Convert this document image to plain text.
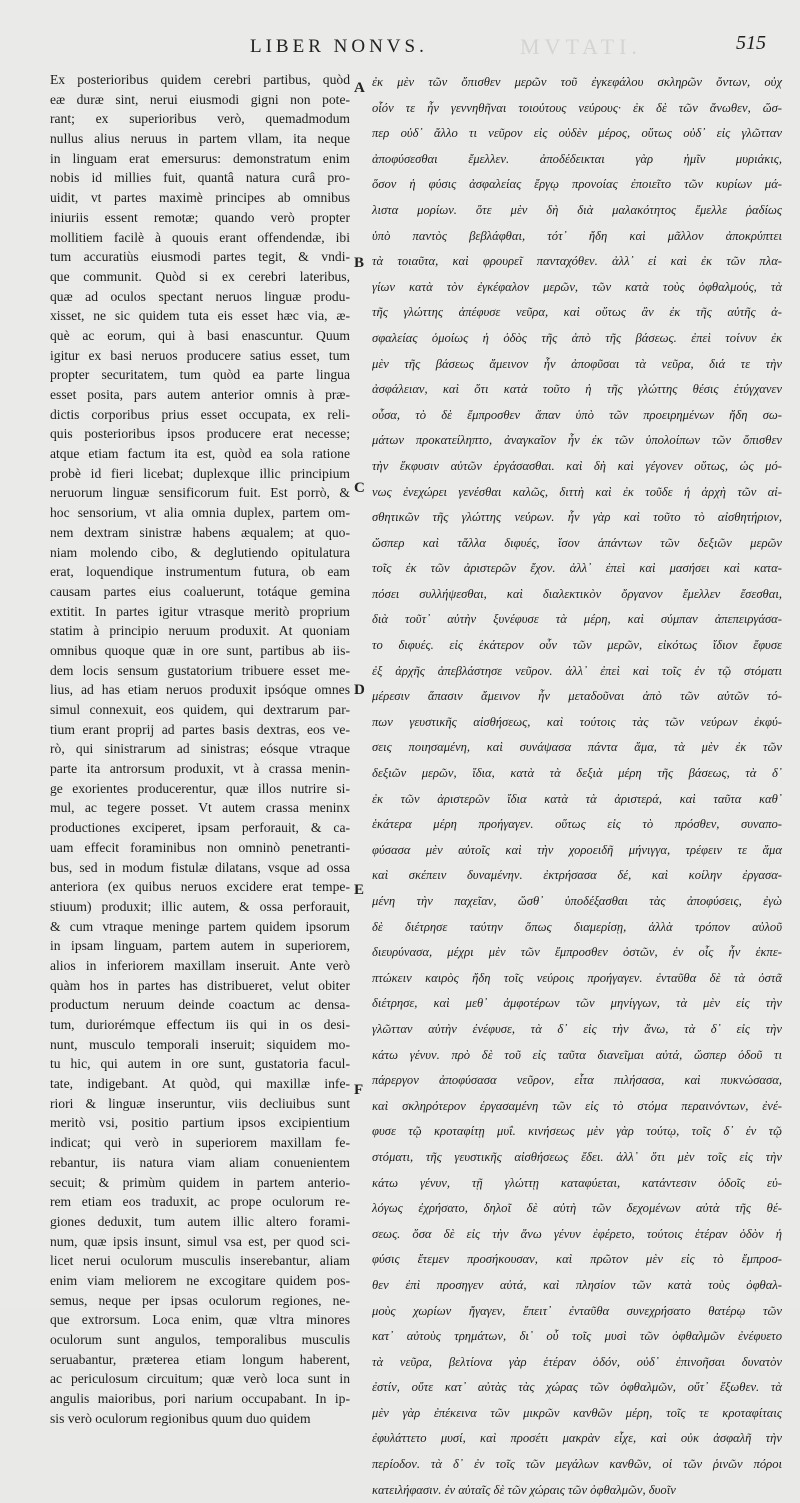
MVTATI.
LIBER NONVS.	515
Ex posterioribus quidem cerebri partibus, quòd
eæ duræ sint, nerui eiusmodi gigni non pote-
rant; ex superioribus verò, quemadmodum
nullus alius neruus in partem vllam, ita neque
in linguam erat emersurus: demonstratum enim
nobis id millies fuit, quantâ natura curâ pro-
uidit, vt partes maximè principes ab omnibus
iniuriis essent remotæ; quando verò propter
mollitiem facilè à quouis erant offendendæ, ibi
tum accuratiùs eiusmodi partes tegit, & vndi-
que communit. Quòd si ex cerebri lateribus,
quæ ad oculos spectant neruos linguæ produ-
xisset, ne sic quidem tuta eis esset hæc via, æ-
què ac eorum, qui à basi enascuntur. Quum
igitur ex basi neruos producere satius esset, tum
propter securitatem, tum quòd ea parte lingua
esset posita, pars autem anterior omnis à præ-
dictis corporibus prius esset occupata, ex reli-
quis posterioribus ipsos producere erat necesse;
atque etiam factum ita est, quòd ea sola ratione
probè id fieri licebat; duplexque illic principium
neruorum linguæ sensificorum fuit. Est porrò, &
hoc sensorium, vt alia omnia duplex, partem om-
nem dextram sinistræ habens æqualem; at quo-
niam molendo cibo, & deglutiendo opitulatura
erat, loquendique instrumentum futura, ob eam
causam partes eius coaluerunt, totáque gemina
extitit. In partes igitur vtrasque meritò proprium
statim à principio neruum produxit. At quoniam
omnibus quoque quæ in ore sunt, partibus ab iis-
dem locis sensum gustatorium tribuere esset me-
lius, ad has etiam neruos produxit ipsóque omnes
simul connexuit, eos quidem, qui dextrarum par-
tium erant proprij ad partes basis dextras, eos ve-
rò, qui sinistrarum ad sinistras; eósque vtraque
parte ita antrorsum produxit, vt à crassa menin-
ge exorientes producerentur, quæ illos nutrire si-
mul, ac tegere posset. Vt autem crassa meninx
productiones exciperet, ipsam perforauit, & ca-
uam effecit foraminibus non omninò penetranti-
bus, sed in modum fistulæ dilatans, vsque ad ossa
anteriora (ex quibus neruos excidere erat tempe-
stiuum) produxit; illic autem, & ossa perforauit,
& cum vtraque meninge partem quidem ipsorum
in ipsam linguam, partem autem in superiorem,
alios in inferiorem maxillam inseruit. Ante verò
quàm hos in partes has distribueret, velut obiter
productum neruum deinde coactum ac densa-
tum, duriorémque effectum iis qui in os desi-
nunt, musculo temporali inseruit; siquidem mo-
tu hic, qui autem in ore sunt, gustatoria facul-
tate, indigebant. At quòd, qui maxillæ infe-
riori & linguæ inseruntur, viis decliuibus sunt
meritò vsi, positio partium ipsos excipientium
indicat; qui verò in superiorem maxillam fe-
rebantur, iis natura viam aliam conuenientem
secuit; & primùm quidem in partem anterio-
rem etiam eos traduxit, ac prope oculorum re-
giones deduxit, tum autem illic altero forami-
num, quæ ipsis insunt, simul vsa est, per quod sci-
licet nerui oculorum musculis inserebantur, aliam
enim viam meliorem ne excogitare quidem pos-
semus, neque per ipsas oculorum regiones, ne-
que extrorsum. Loca enim, quæ vltra minores
oculorum sunt angulos, temporalibus musculis
seruabantur, præterea etiam longum haberent,
ac periculosum circuitum; quæ verò loca sunt in
angulis maioribus, pori narium occupabant. In ip-
sis verò oculorum regionibus quum duo quidem
A
B
C
D
E
F
ἐκ μὲν τῶν ὄπισθεν μερῶν τοῦ ἐγκεφάλου σκληρῶν ὄντων, οὐχ
οἷόν τε ἦν γεννηθῆναι τοιούτους νεύρους· ἐκ δὲ τῶν ἄνωθεν, ὥσ-
περ οὐδ᾽ ἄλλο τι νεῦρον εἰς οὐδὲν μέρος, οὕτως οὐδ᾽ εἰς γλῶτταν
ἀποφύσεσθαι ἔμελλεν. ἀποδέδεικται γὰρ ἡμῖν μυριάκις,
ὅσον ἡ φύσις ἀσφαλείας ἔργῳ προνοίας ἐποιεῖτο τῶν κυρίων μά-
λιστα μορίων. ὅτε μὲν δὴ διὰ μαλακότητος ἔμελλε ῥαδίως
ὑπὸ παντὸς βεβλάφθαι, τότ᾽ ἤδη καὶ μᾶλλον ἀποκρύπτει
τὰ τοιαῦτα, καὶ φρουρεῖ πανταχόθεν. ἀλλ᾽ εἰ καὶ ἐκ τῶν πλα-
γίων κατὰ τὸν ἐγκέφαλον μερῶν, τῶν κατὰ τοὺς ὀφθαλμούς, τὰ
τῆς γλώττης ἀπέφυσε νεῦρα, καὶ οὕτως ἂν ἐκ τῆς αὐτῆς ἀ-
σφαλείας ὁμοίως ἡ ὁδὸς τῆς ἀπὸ τῆς βάσεως. ἐπεὶ τοίνυν ἐκ
μὲν τῆς βάσεως ἄμεινον ἦν ἀποφῦσαι τὰ νεῦρα, διά τε τὴν
ἀσφάλειαν, καὶ ὅτι κατὰ τοῦτο ἡ τῆς γλώττης θέσις ἐτύγχανεν
οὖσα, τὸ δὲ ἔμπροσθεν ἅπαν ὑπὸ τῶν προειρημένων ἤδη σω-
μάτων προκατείληπτο, ἀναγκαῖον ἦν ἐκ τῶν ὑπολοίπων τῶν ὄπισθεν
τὴν ἔκφυσιν αὐτῶν ἐργάσασθαι. καὶ δὴ καὶ γέγονεν οὕτως, ὡς μό-
νως ἐνεχώρει γενέσθαι καλῶς, διττὴ καὶ ἐκ τοῦδε ἡ ἀρχὴ τῶν αἰ-
σθητικῶν τῆς γλώττης νεύρων. ἦν γὰρ καὶ τοῦτο τὸ αἰσθητήριον,
ὥσπερ καὶ τἄλλα διφυές, ἴσον ἁπάντων τῶν δεξιῶν μερῶν
τοῖς ἐκ τῶν ἀριστερῶν ἔχον. ἀλλ᾽ ἐπεὶ καὶ μασήσει καὶ κατα-
πόσει συλλήψεσθαι, καὶ διαλεκτικὸν ὄργανον ἔμελλεν ἔσεσθαι,
διὰ τοῦτ᾽ αὐτὴν ξυνέφυσε τὰ μέρη, καὶ σύμπαν ἀπεπειργάσα-
το διφυές. εἰς ἑκάτερον οὖν τῶν μερῶν, εἰκότως ἴδιον ἔφυσε
ἐξ ἀρχῆς ἀπεβλάστησε νεῦρον. ἀλλ᾽ ἐπεὶ καὶ τοῖς ἐν τῷ στόματι
μέρεσιν ἅπασιν ἄμεινον ἦν μεταδοῦναι ἀπὸ τῶν αὐτῶν τό-
πων γευστικῆς αἰσθήσεως, καὶ τούτοις τὰς τῶν νεύρων ἐκφύ-
σεις ποιησαμένη, καὶ συνάψασα πάντα ἅμα, τὰ μὲν ἐκ τῶν
δεξιῶν μερῶν, ἴδια, κατὰ τὰ δεξιὰ μέρη τῆς βάσεως, τὰ δ᾽
ἐκ τῶν ἀριστερῶν ἴδια κατὰ τὰ ἀριστερά, καὶ ταῦτα καθ᾽
ἑκάτερα μέρη προήγαγεν. οὕτως εἰς τὸ πρόσθεν, συναπο-
φύσασα μὲν αὐτοῖς καὶ τὴν χοροειδῆ μήνιγγα, τρέφειν τε ἅμα
καὶ σκέπειν δυναμένην. ἐκτρήσασα δέ, καὶ κοίλην ἐργασα-
μένη τὴν παχεῖαν, ὥσθ᾽ ὑποδέξασθαι τὰς ἀποφύσεις, ἐγὼ
δὲ διέτρησε ταύτην ὅπως διαμερίσῃ, ἀλλὰ τρόπον αὐλοῦ
διευρύνασα, μέχρι μὲν τῶν ἔμπροσθεν ὀστῶν, ἐν οἷς ἦν ἐκπε-
πτώκειν καιρὸς ἤδη τοῖς νεύροις προήγαγεν. ἐνταῦθα δὲ τὰ ὀστᾶ
διέτρησε, καὶ μεθ᾽ ἀμφοτέρων τῶν μηνίγγων, τὰ μὲν εἰς τὴν
γλῶτταν αὐτὴν ἐνέφυσε, τὰ δ᾽ εἰς τὴν ἄνω, τὰ δ᾽ εἰς τὴν
κάτω γένυν. πρὸ δὲ τοῦ εἰς ταῦτα διανεῖμαι αὐτά, ὥσπερ ὁδοῦ τι
πάρεργον ἀποφύσασα νεῦρον, εἶτα πιλήσασα, καὶ πυκνώσασα,
καὶ σκληρότερον ἐργασαμένη τῶν εἰς τὸ στόμα περαινόντων, ἐνέ-
φυσε τῷ κροταφίτῃ μυΐ. κινήσεως μὲν γὰρ τούτῳ, τοῖς δ᾽ ἐν τῷ
στόματι, τῆς γευστικῆς αἰσθήσεως ἔδει. ἀλλ᾽ ὅτι μὲν τοῖς εἰς τὴν
κάτω γένυν, τῇ γλώττῃ καταφύεται, κατάντεσιν ὁδοῖς εὐ-
λόγως ἐχρήσατο, δηλοῖ δὲ αὐτὴ τῶν δεχομένων αὐτὰ τῆς θέ-
σεως. ὅσα δὲ εἰς τὴν ἄνω γένυν ἐφέρετο, τούτοις ἑτέραν ὁδὸν ἡ
φύσις ἔτεμεν προσήκουσαν, καὶ πρῶτον μὲν εἰς τὸ ἔμπροσ-
θεν ἐπὶ προσηγεν αὐτά, καὶ πλησίον τῶν κατὰ τοὺς ὀφθαλ-
μοὺς χωρίων ἤγαγεν, ἔπειτ᾽ ἐνταῦθα συνεχρήσατο θατέρῳ τῶν
κατ᾽ αὐτοὺς τρημάτων, δι᾽ οὗ τοῖς μυσὶ τῶν ὀφθαλμῶν ἐνέφυετο
τὰ νεῦρα, βελτίονα γὰρ ἑτέραν ὁδόν, οὐδ᾽ ἐπινοῆσαι δυνατὸν
ἐστίν, οὔτε κατ᾽ αὐτὰς τὰς χώρας τῶν ὀφθαλμῶν, οὔτ᾽ ἔξωθεν. τὰ
μὲν γὰρ ἐπέκεινα τῶν μικρῶν κανθῶν μέρη, τοῖς τε κροταφίταις
ἐφυλάττετο μυσί, καὶ προσέτι μακρὰν εἶχε, καὶ οὐκ ἀσφαλῆ τὴν
περίοδον. τὰ δ᾽ ἐν τοῖς τῶν μεγάλων κανθῶν, οἱ τῶν ῥινῶν πόροι
κατειλήφασιν. ἐν αὐταῖς δὲ τῶν χώραις τῶν ὀφθαλμῶν, δυοῖν
